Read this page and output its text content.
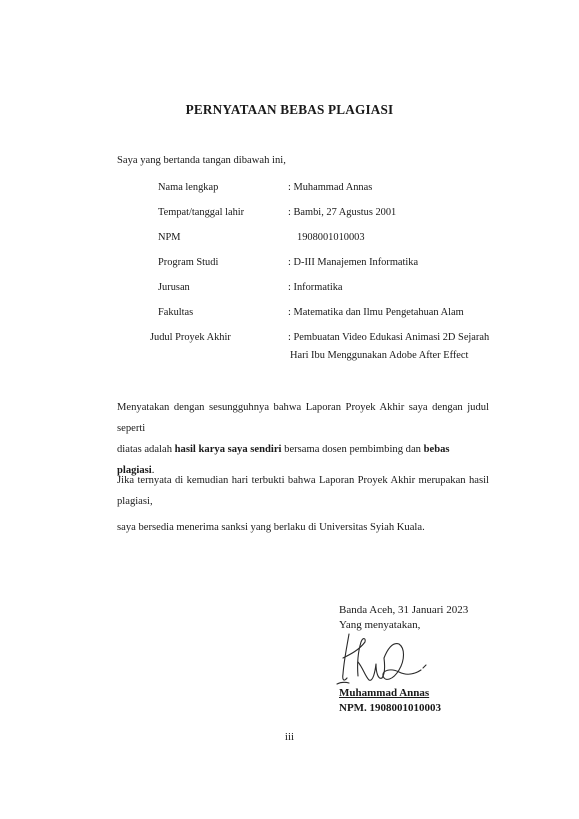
PERNYATAAN BEBAS PLAGIASI
Saya yang bertanda tangan dibawah ini,
Nama lengkap	: Muhammad Annas
Tempat/tanggal lahir	: Bambi, 27 Agustus 2001
NPM	1908001010003
Program Studi	: D-III Manajemen Informatika
Jurusan	: Informatika
Fakultas	: Matematika dan Ilmu Pengetahuan Alam
Judul Proyek Akhir	: Pembuatan Video Edukasi Animasi 2D Sejarah
Hari Ibu Menggunakan Adobe After Effect
Menyatakan dengan sesungguhnya bahwa Laporan Proyek Akhir saya dengan judul seperti
diatas adalah hasil karya saya sendiri bersama dosen pembimbing dan bebas plagiasi.
Jika ternyata di kemudian hari terbukti bahwa Laporan Proyek Akhir merupakan hasil
plagiasi,
saya bersedia menerima sanksi yang berlaku di Universitas Syiah Kuala.
Banda Aceh, 31 Januari 2023
Yang menyatakan,
Muhammad Annas
NPM. 1908001010003
iii
